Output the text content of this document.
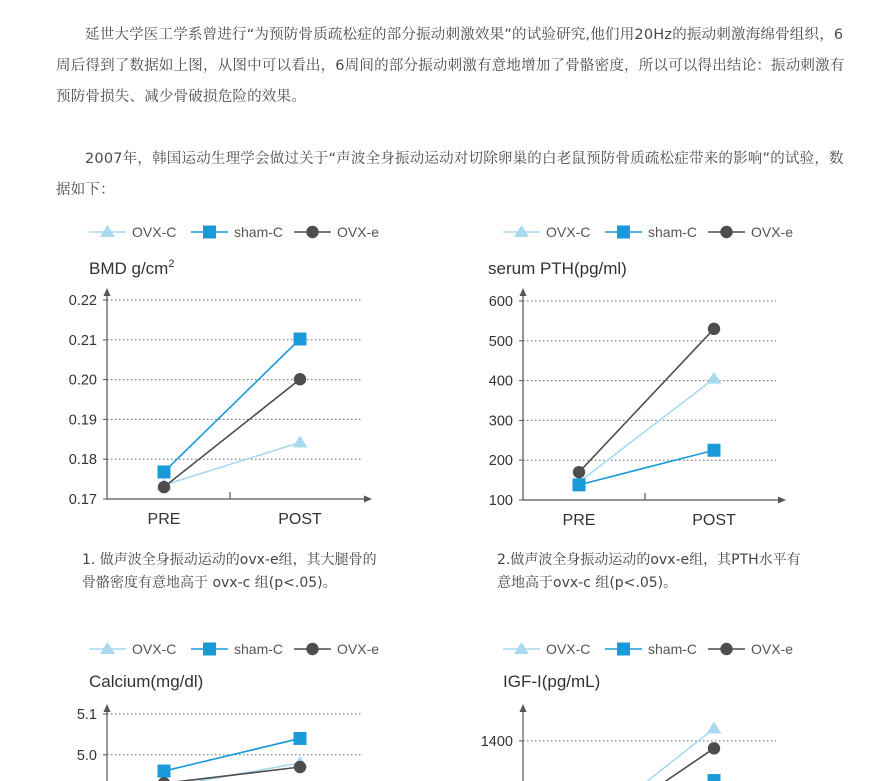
延世大学医工学系曾进行“为预防骨质疏松症的部分振动刺激效果”的试验研究,他们用20Hz的振动刺激海绵骨组织，6周后得到了数据如上图，从图中可以看出，6周间的部分振动刺激有意地增加了骨骼密度，所以可以得出结论：振动刺激有预防骨损失、减少骨破损危险的效果。

2007年，韩国运动生理学会做过关于“声波全身振动运动对切除卵巢的白老鼠预防骨质疏松症带来的影响”的试验，数据如下：

OVX-C	sham-C	OVX-e	OVX-C	sham-C	OVX-e
OVX-C	sham-C	OVX-e	OVX-C	sham-C	OVX-e
BMD $g/cm^2$
0.17
0.18
0.19
0.20
0.21
0.22
PRE	POST
serum PTH(pg/ml)
100
200
300
400
500
600
PRE	POST
Calcium(mg/dl)
5.0
5.1
IGF-I(pg/mL)
1400
1. 做声波全身振动运动的ovx-e组，其大腿骨的
骨骼密度有意地高于 ovx-c 组(p<.05)。
2.做声波全身振动运动的ovx-e组，其PTH水平有
意地高于ovx-c 组(p<.05)。
